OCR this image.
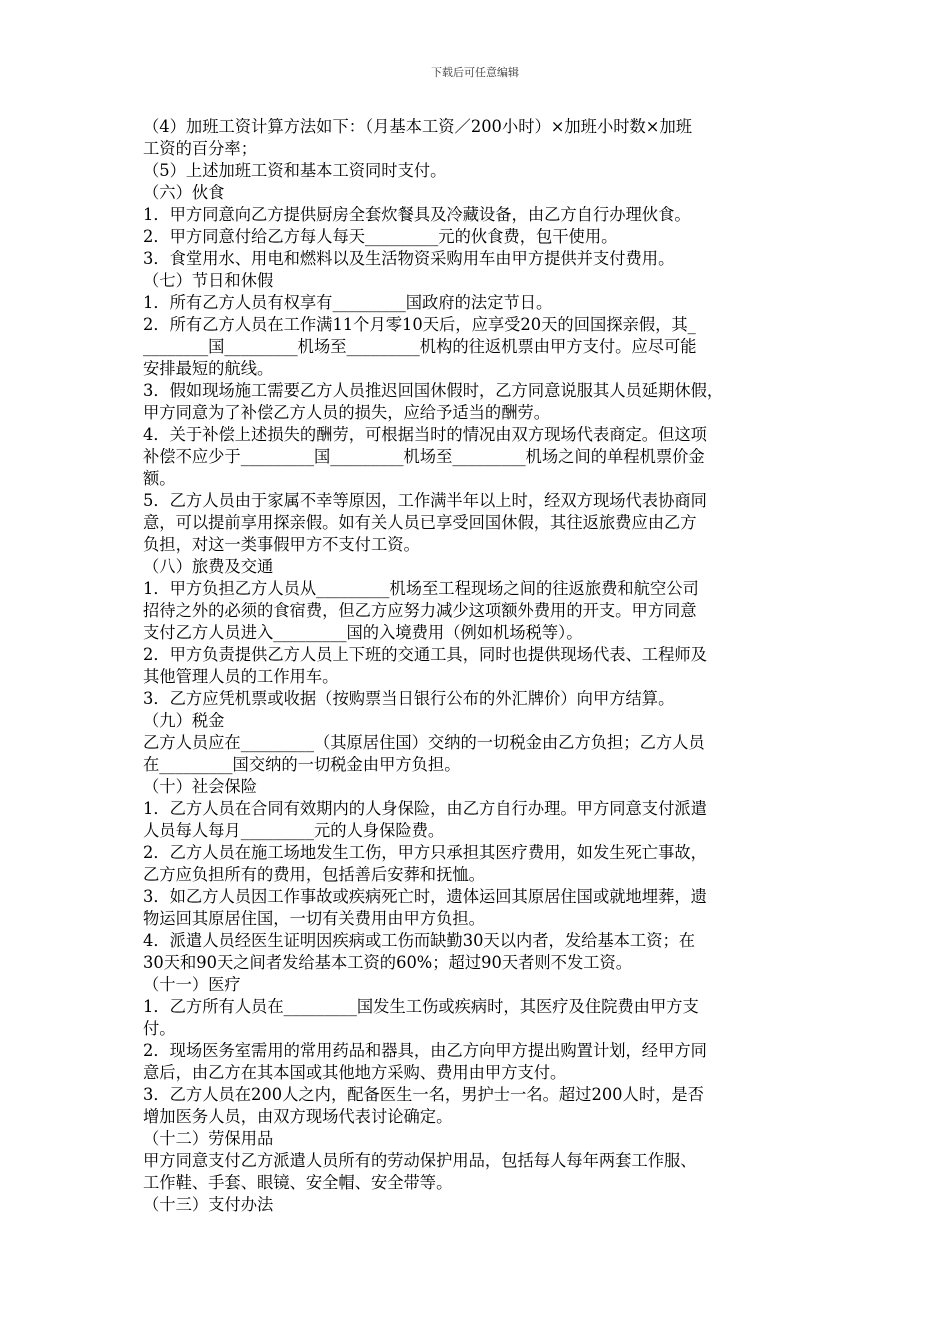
下载后可任意编辑
（4）加班工资计算方法如下：（月基本工资／200小时）×加班小时数×加班
工资的百分率；
（5）上述加班工资和基本工资同时支付。
（六）伙食
1．甲方同意向乙方提供厨房全套炊餐具及冷藏设备，由乙方自行办理伙食。
2．甲方同意付给乙方每人每天_________元的伙食费，包干使用。
3．食堂用水、用电和燃料以及生活物资采购用车由甲方提供并支付费用。
（七）节日和休假
1．所有乙方人员有权享有_________国政府的法定节日。
2．所有乙方人员在工作满11个月零10天后，应享受20天的回国探亲假，其_
________国_________机场至_________机构的往返机票由甲方支付。应尽可能
安排最短的航线。
3．假如现场施工需要乙方人员推迟回国休假时，乙方同意说服其人员延期休假，
甲方同意为了补偿乙方人员的损失，应给予适当的酬劳。
4．关于补偿上述损失的酬劳，可根据当时的情况由双方现场代表商定。但这项
补偿不应少于_________国_________机场至_________机场之间的单程机票价金
额。
5．乙方人员由于家属不幸等原因，工作满半年以上时，经双方现场代表协商同
意，可以提前享用探亲假。如有关人员已享受回国休假，其往返旅费应由乙方
负担，对这一类事假甲方不支付工资。
（八）旅费及交通
1．甲方负担乙方人员从_________机场至工程现场之间的往返旅费和航空公司
招待之外的必须的食宿费，但乙方应努力减少这项额外费用的开支。甲方同意
支付乙方人员进入_________国的入境费用（例如机场税等）。
2．甲方负责提供乙方人员上下班的交通工具，同时也提供现场代表、工程师及
其他管理人员的工作用车。
3．乙方应凭机票或收据（按购票当日银行公布的外汇牌价）向甲方结算。
（九）税金
乙方人员应在_________（其原居住国）交纳的一切税金由乙方负担；乙方人员
在_________国交纳的一切税金由甲方负担。
（十）社会保险
1．乙方人员在合同有效期内的人身保险，由乙方自行办理。甲方同意支付派遣
人员每人每月_________元的人身保险费。
2．乙方人员在施工场地发生工伤，甲方只承担其医疗费用，如发生死亡事故，
乙方应负担所有的费用，包括善后安葬和抚恤。
3．如乙方人员因工作事故或疾病死亡时，遗体运回其原居住国或就地埋葬，遗
物运回其原居住国，一切有关费用由甲方负担。
4．派遣人员经医生证明因疾病或工伤而缺勤30天以内者，发给基本工资；在
30天和90天之间者发给基本工资的60%；超过90天者则不发工资。
（十一）医疗
1．乙方所有人员在_________国发生工伤或疾病时，其医疗及住院费由甲方支
付。
2．现场医务室需用的常用药品和器具，由乙方向甲方提出购置计划，经甲方同
意后，由乙方在其本国或其他地方采购、费用由甲方支付。
3．乙方人员在200人之内，配备医生一名，男护士一名。超过200人时，是否
增加医务人员，由双方现场代表讨论确定。
（十二）劳保用品
甲方同意支付乙方派遣人员所有的劳动保护用品，包括每人每年两套工作服、
工作鞋、手套、眼镜、安全帽、安全带等。
（十三）支付办法
